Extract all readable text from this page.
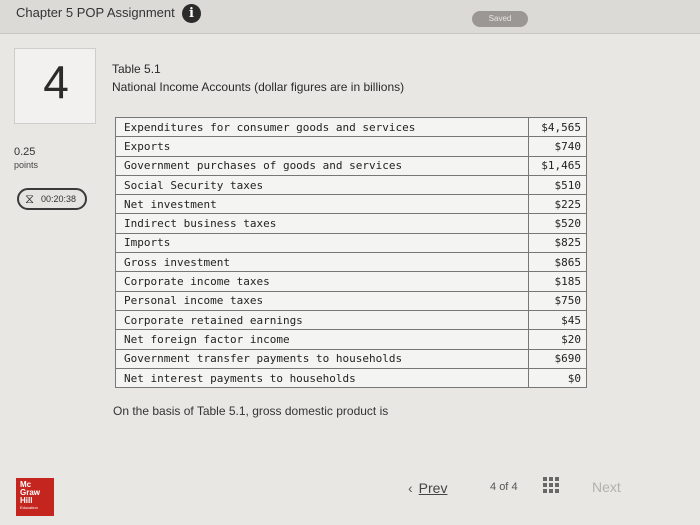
Chapter 5 POP Assignment	i	Saved
4
0.25
points
⧖ 00:20:38
Table 5.1
National Income Accounts (dollar figures are in billions)
Expenditures for consumer goods and services	$4,565
Exports	$740
Government purchases of goods and services	$1,465
Social Security taxes	$510
Net investment	$225
Indirect business taxes	$520
Imports	$825
Gross investment	$865
Corporate income taxes	$185
Personal income taxes	$750
Corporate retained earnings	$45
Net foreign factor income	$20
Government transfer payments to households	$690
Net interest payments to households	$0
On the basis of Table 5.1, gross domestic product is
Mc
Graw
Hill
Education
‹ Prev	4 of 4	Next
